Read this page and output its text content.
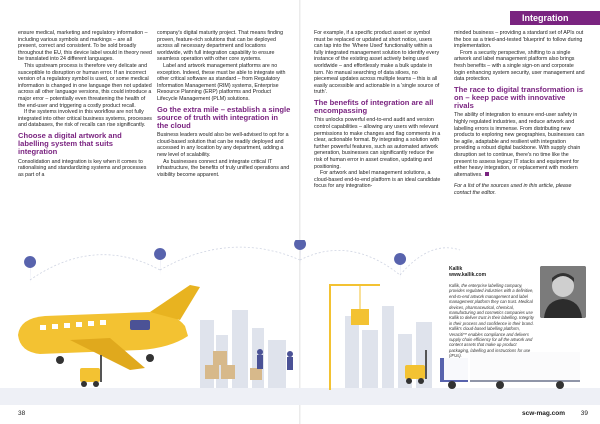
Integration

ensure medical, marketing and regulatory information – including various symbols and markings – are all present, correct and consistent. To be sold broadly throughout the EU, this device label would in theory need be translated into 24 different languages.

This upstream process is therefore very delicate and susceptible to disruption or human error. If an incorrect version of a regulatory symbol is used, or some medical information is changed in one language then not updated across all other language versions, this could introduce a major error – potentially even threatening the health of the end-user and triggering a costly product recall.

If the systems involved in this workflow are not fully integrated into other critical business systems, processes and databases, the risk of recalls can rise significantly.

Choose a digital artwork and labelling system that suits integration

Consolidation and integration is key when it comes to rationalising and standardizing systems and processes as part of a

company's digital maturity project. That means finding proven, feature-rich solutions that can be deployed across all necessary department and locations worldwide, with full integration capability to ensure seamless operation with other core systems.

Label and artwork management platforms are no exception. Indeed, these must be able to integrate with other critical software as standard – from Regulatory Information Management (RIM) systems, Enterprise Resource Planning (ERP) platforms and Product Lifecycle Management (PLM) solutions.

Go the extra mile – establish a single source of truth with integration in the cloud

Business leaders would also be well-advised to opt for a cloud-based solution that can be readily deployed and accessed in any location by any department, adding a new level of scalability.

As businesses connect and integrate critical IT infrastructure, the benefits of truly unified operations and visibility become apparent.

For example, if a specific product asset or symbol must be replaced or updated at short notice, users can tap into the 'Where Used' functionality within a fully integrated management solution to identify every instance of the existing asset actively being used worldwide – and effortlessly make a bulk update in turn. No manual searching of data siloes, no piecemeal updates across multiple teams – this is all easily accessible and actionable in a 'single source of truth'.

The benefits of integration are all encompassing

This unlocks powerful end-to-end audit and version control capabilities – allowing any users with relevant permissions to make changes and flag comments in a clear, actionable format. By integrating a solution with further powerful features, such as automated artwork generation, businesses can significantly reduce the risk of human error in asset creation, updating and positioning.

For artwork and label management solutions, a cloud-based end-to-end platform is an ideal candidate focus for any integration-

minded business – providing a standard set of APIs out the box as a tried-and-tested 'blueprint' to follow during implementation.

From a security perspective, shifting to a single artwork and label management platform also brings fresh benefits – with a single sign-on and corporate login enhancing system security, user management and data protection.

The race to digital transformation is on – keep pace with innovative rivals

The ability of integration to ensure end-user safety in highly regulated industries, and reduce artwork and labelling errors is immense. From distributing new products to exploring new geographies, businesses can be agile, adaptable and resilient with integration providing a robust digital backbone. With supply chain disruption set to continue, there's no time like the present to assess legacy IT stacks and equipment for either heavy integration, or replacement with modern alternatives.

For a list of the sources used in this article, please contact the editor.

Kallik
www.kallik.com
Kallik, the enterprise labelling company, provides regulated industries with a definitive, end-to-end artwork management and label management platform they can trust. Medical devices, pharmaceutical, chemical, manufacturing and cosmetics companies use Kallik to deliver trust in their labelling. Integrity in their process and confidence in their brand. Kallik's cloud-based labelling platform, Veraciti™ enables compliance and delivers supply chain efficiency for all the artwork and content assets that make up product packaging, labelling and instructions for use (IFUs).
38	scw-mag.com 39
